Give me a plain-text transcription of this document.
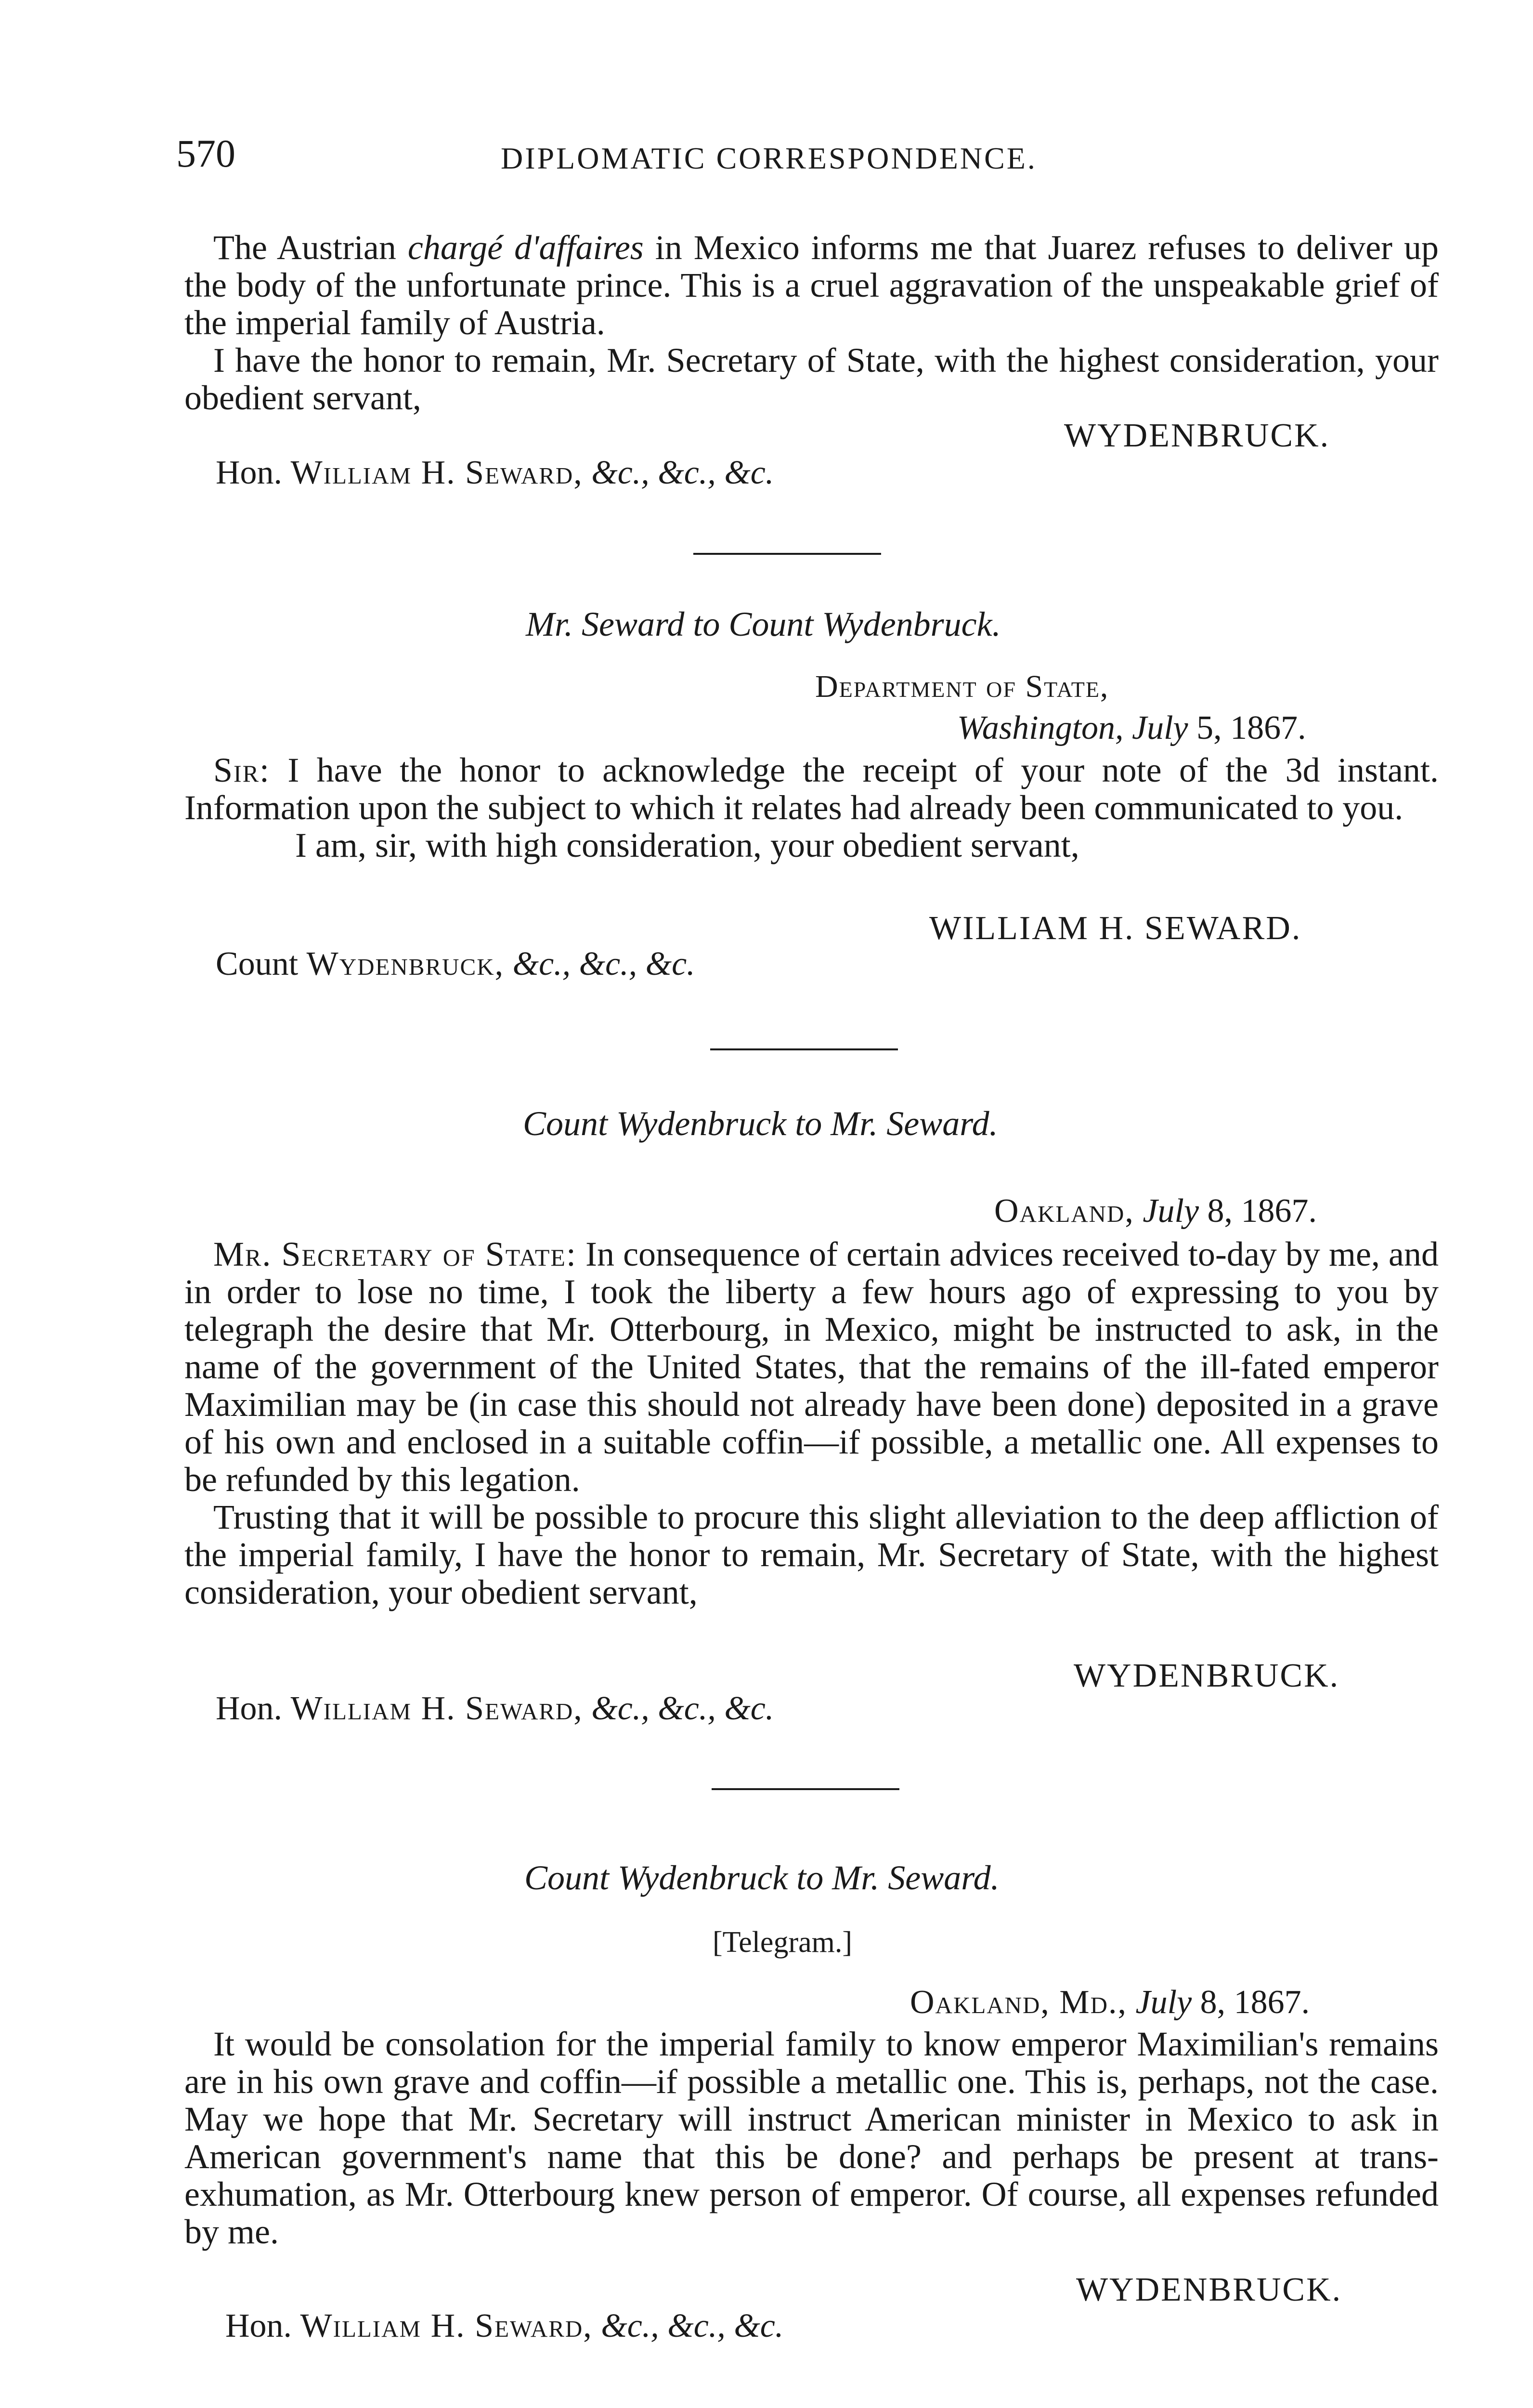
570	DIPLOMATIC CORRESPONDENCE.

The Austrian chargé d'affaires in Mexico informs me that Juarez refuses to deliver up the body of the unfortunate prince. This is a cruel aggravation of the unspeakable grief of the imperial family of Austria.

I have the honor to remain, Mr. Secretary of State, with the highest consideration, your obedient servant,

WYDENBRUCK.
Hon. William H. Seward, &c., &c., &c.
Mr. Seward to Count Wydenbruck.
Department of State,
Washington, July 5, 1867.

Sir: I have the honor to acknowledge the receipt of your note of the 3d instant. Information upon the subject to which it relates had already been communicated to you.

I am, sir, with high consideration, your obedient servant,

WILLIAM H. SEWARD.
Count Wydenbruck, &c., &c., &c.
Count Wydenbruck to Mr. Seward.
Oakland, July 8, 1867.

Mr. Secretary of State: In consequence of certain advices received to-day by me, and in order to lose no time, I took the liberty a few hours ago of expressing to you by telegraph the desire that Mr. Otterbourg, in Mexico, might be instructed to ask, in the name of the government of the United States, that the remains of the ill-fated emperor Maximilian may be (in case this should not already have been done) deposited in a grave of his own and enclosed in a suitable coffin—if possible, a metallic one. All expenses to be refunded by this legation.

Trusting that it will be possible to procure this slight alleviation to the deep affliction of the imperial family, I have the honor to remain, Mr. Secretary of State, with the highest consideration, your obedient servant,

WYDENBRUCK.
Hon. William H. Seward, &c., &c., &c.
Count Wydenbruck to Mr. Seward.
[Telegram.]
Oakland, Md., July 8, 1867.

It would be consolation for the imperial family to know emperor Maximilian's remains are in his own grave and coffin—if possible a metallic one. This is, perhaps, not the case. May we hope that Mr. Secretary will instruct American minister in Mexico to ask in American government's name that this be done? and perhaps be present at trans-exhumation, as Mr. Otterbourg knew person of emperor. Of course, all expenses refunded by me.

WYDENBRUCK.
Hon. William H. Seward, &c., &c., &c.
